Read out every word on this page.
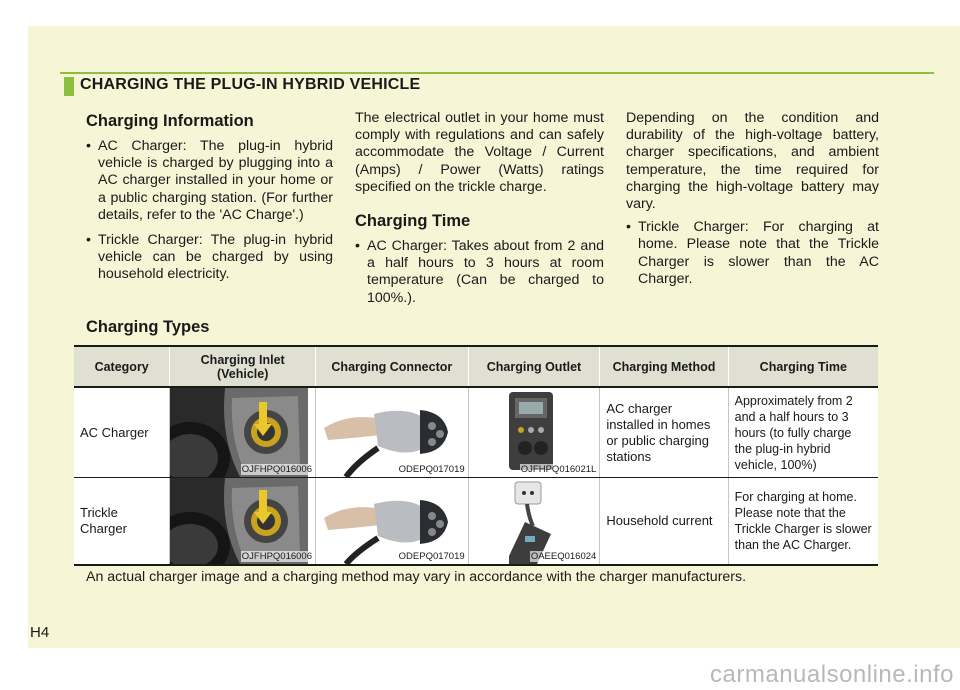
CHARGING THE PLUG-IN HYBRID VEHICLE
Charging Information
• AC Charger: The plug-in hybrid vehicle is charged by plugging into a AC charger installed in your home or a public charging station. (For further details, refer to the 'AC Charge'.)
• Trickle Charger: The plug-in hybrid vehicle can be charged by using household electricity.

The electrical outlet in your home must comply with regulations and can safely accommodate the Voltage / Current (Amps) / Power (Watts) ratings specified on the trickle charge.

Charging Time
• AC Charger: Takes about from 2 and a half hours to 3 hours at room temperature (Can be charged to 100%.).

Depending on the condition and durability of the high-voltage battery, charger specifications, and ambient temperature, the time required for charging the high-voltage battery may vary.

• Trickle Charger: For charging at home. Please note that the Trickle Charger is slower than the AC Charger.
Charging Types
Category	Charging Inlet (Vehicle)	Charging Connector	Charging Outlet	Charging Method	Charging Time
AC Charger	OJFHPQ016006	ODEPQ017019	OJFHPQ016021L	AC charger installed in homes or public charging stations	Approximately from 2 and a half hours to 3 hours (to fully charge the plug-in hybrid vehicle, 100%)
Trickle Charger	OJFHPQ016006	ODEPQ017019	OAEEQ016024	Household current	For charging at home. Please note that the Trickle Charger is slower than the AC Charger.
An actual charger image and a charging method may vary in accordance with the charger manufacturers.
H4
carmanualsonline.info
